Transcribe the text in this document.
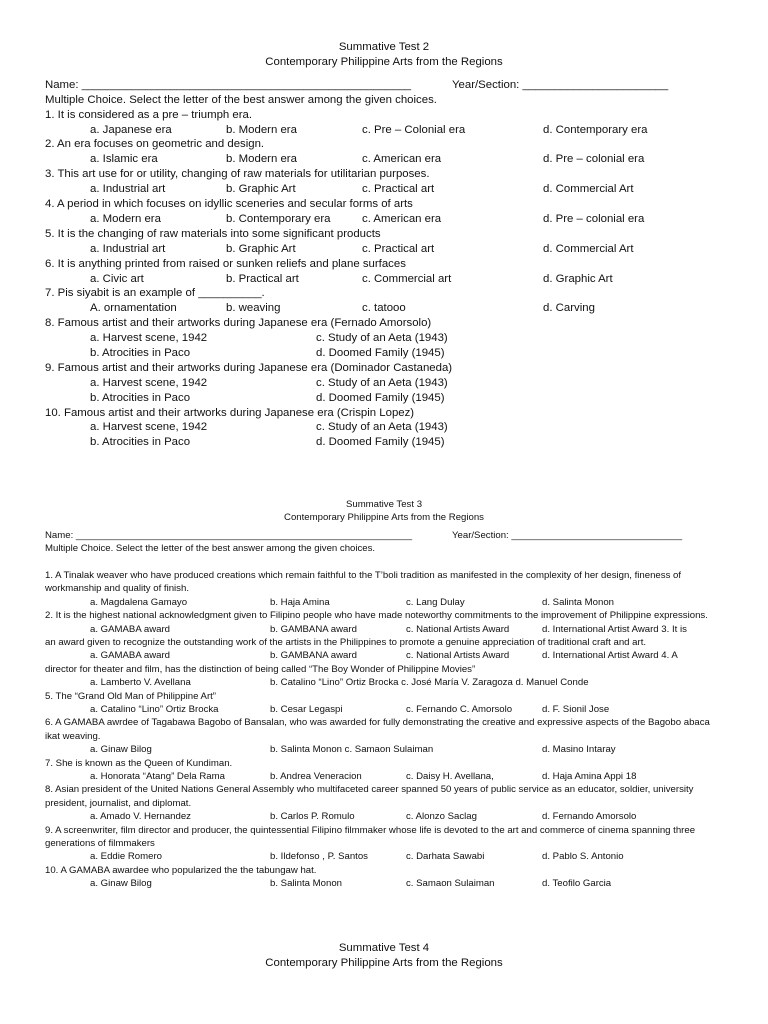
Summative Test 2
Contemporary Philippine Arts from the Regions
Name: ____________________________________________________	Year/Section: _______________________
Multiple Choice. Select the letter of the best answer among the given choices.
1. It is considered as a pre – triumph era.
a. Japanese era	b. Modern era	c. Pre – Colonial era	d. Contemporary era
2. An era focuses on geometric and design.
a. Islamic era	b. Modern era	c. American era	d. Pre – colonial era
3. This art use for or utility, changing of raw materials for utilitarian purposes.
a. Industrial art	b. Graphic Art	c. Practical art	d. Commercial Art
4. A period in which focuses on idyllic sceneries and secular forms of arts
a. Modern era	b. Contemporary era	c. American era	d. Pre – colonial era
5. It is the changing of raw materials into some significant products
a. Industrial art	b. Graphic Art	c. Practical art	d. Commercial Art
6. It is anything printed from raised or sunken reliefs and plane surfaces
a. Civic art	b. Practical art	c. Commercial art	d. Graphic Art
7. Pis siyabit is an example of __________.
A. ornamentation	b. weaving	c. tatooo	d. Carving
8. Famous artist and their artworks during Japanese era (Fernado Amorsolo)
a. Harvest scene, 1942	c. Study of an Aeta (1943)
b. Atrocities in Paco	d. Doomed Family (1945)
9. Famous artist and their artworks during Japanese era (Dominador Castaneda)
a. Harvest scene, 1942	c. Study of an Aeta (1943)
b. Atrocities in Paco	d. Doomed Family (1945)
10. Famous artist and their artworks during Japanese era (Crispin Lopez)
a. Harvest scene, 1942	c. Study of an Aeta (1943)
b. Atrocities in Paco	d. Doomed Family (1945)
Summative Test 3
Contemporary Philippine Arts from the Regions
Name: _______________________________________________________________	Year/Section: ________________________________
Multiple Choice. Select the letter of the best answer among the given choices.
1. A Tinalak weaver who have produced creations which remain faithful to the T’boli tradition as manifested in the complexity of her design, fineness of workmanship and quality of finish.
a. Magdalena Gamayo	b. Haja Amina	c. Lang Dulay	d. Salinta Monon
2. It is the highest national acknowledgment given to Filipino people who have made noteworthy commitments to the improvement of Philippine expressions.
a. GAMABA award	b. GAMBANA award	c. National Artists Award	d. International Artist Award 3. It is
an award given to recognize the outstanding work of the artists in the Philippines to promote a genuine appreciation of traditional craft and art.
a. GAMABA award	b. GAMBANA award	c. National Artists Award	d. International Artist Award 4. A
director for theater and film, has the distinction of being called “The Boy Wonder of Philippine Movies”
a. Lamberto V. Avellana	b. Catalino “Lino” Ortiz Brocka c. José María V. Zaragoza d. Manuel Conde
5. The “Grand Old Man of Philippine Art”
a. Catalino “Lino” Ortiz Brocka	b. Cesar Legaspi	c. Fernando C. Amorsolo	d. F. Sionil Jose
6. A GAMABA awrdee of Tagabawa Bagobo of Bansalan, who was awarded for fully demonstrating the creative and expressive aspects of the Bagobo abaca ikat weaving.
a. Ginaw Bilog	b. Salinta Monon c. Samaon Sulaiman	d. Masino Intaray
7. She is known as the Queen of Kundiman.
a. Honorata “Atang” Dela Rama	b. Andrea Veneracion	c. Daisy H. Avellana,	d. Haja Amina Appi 18
8. Asian president of the United Nations General Assembly who multifaceted career spanned 50 years of public service as an educator, soldier, university president, journalist, and diplomat.
a. Amado V. Hernandez	b. Carlos P. Romulo	c. Alonzo Saclag	d. Fernando Amorsolo
9. A screenwriter, film director and producer, the quintessential Filipino filmmaker whose life is devoted to the art and commerce of cinema spanning three generations of filmmakers
a. Eddie Romero	b. Ildefonso , P. Santos	c. Darhata Sawabi	d. Pablo S. Antonio
10. A GAMABA awardee who popularized the the tabungaw hat.
a. Ginaw Bilog	b. Salinta Monon	c. Samaon Sulaiman	d. Teofilo Garcia
Summative Test 4
Contemporary Philippine Arts from the Regions
